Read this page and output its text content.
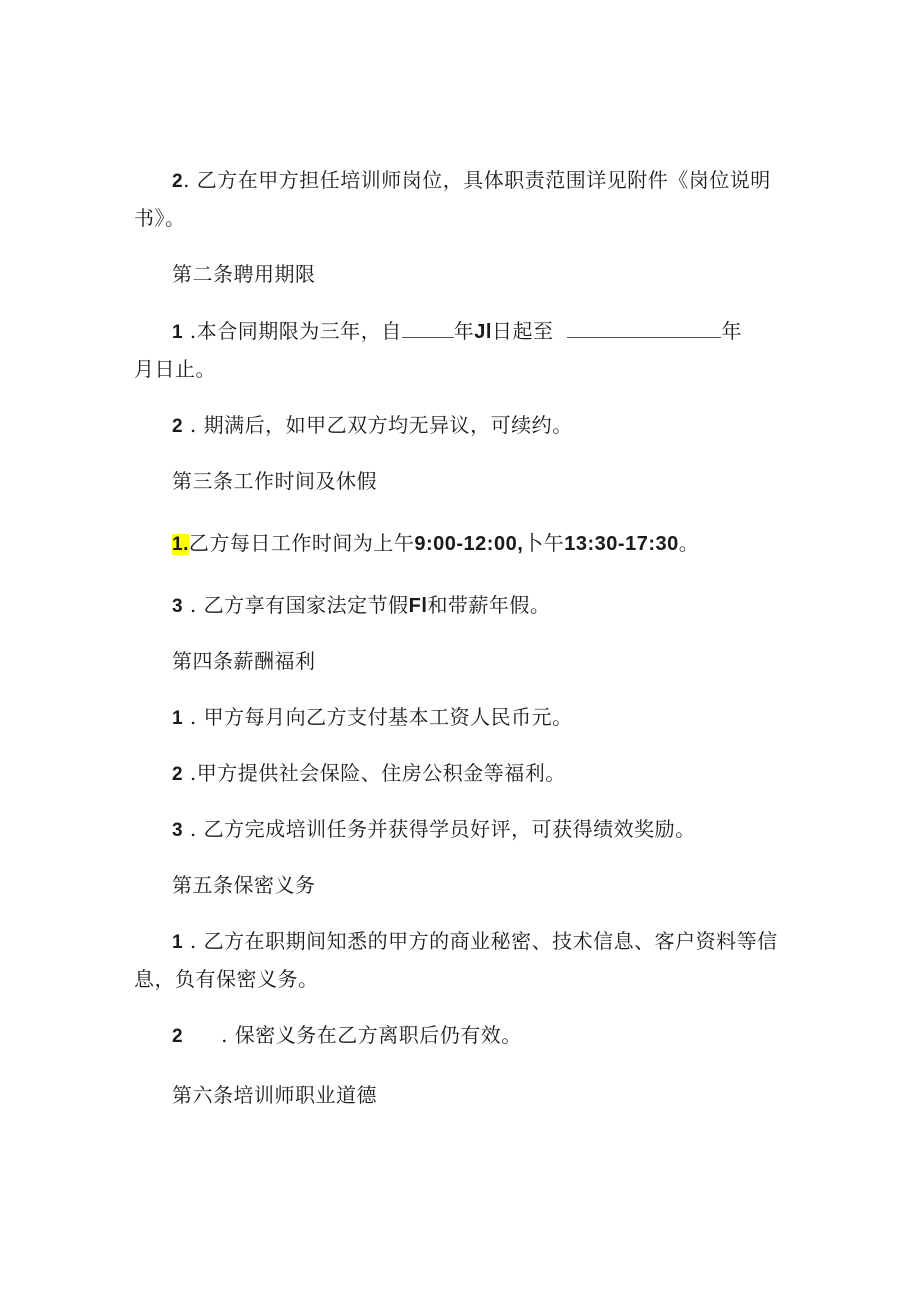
2. 乙方在甲方担任培训师岗位，具体职责范围详见附件《岗位说明
书》。
第二条聘用期限
1 .本合同期限为三年，自	年Jl日起至	年
月日止。
2 . 期满后，如甲乙双方均无异议，可续约。
第三条工作时间及休假
1.乙方每日工作时间为上午9:00-12:00,卜午13:30-17:30。
3 . 乙方享有国家法定节假Fl和带薪年假。
第四条薪酬福利
1 . 甲方每月向乙方支付基本工资人民币元。
2 .甲方提供社会保险、住房公积金等福利。
3 . 乙方完成培训任务并获得学员好评，可获得绩效奖励。
第五条保密义务
1 . 乙方在职期间知悉的甲方的商业秘密、技术信息、客户资料等信
息，负有保密义务。
2 . 保密义务在乙方离职后仍有效。
第六条培训师职业道德
